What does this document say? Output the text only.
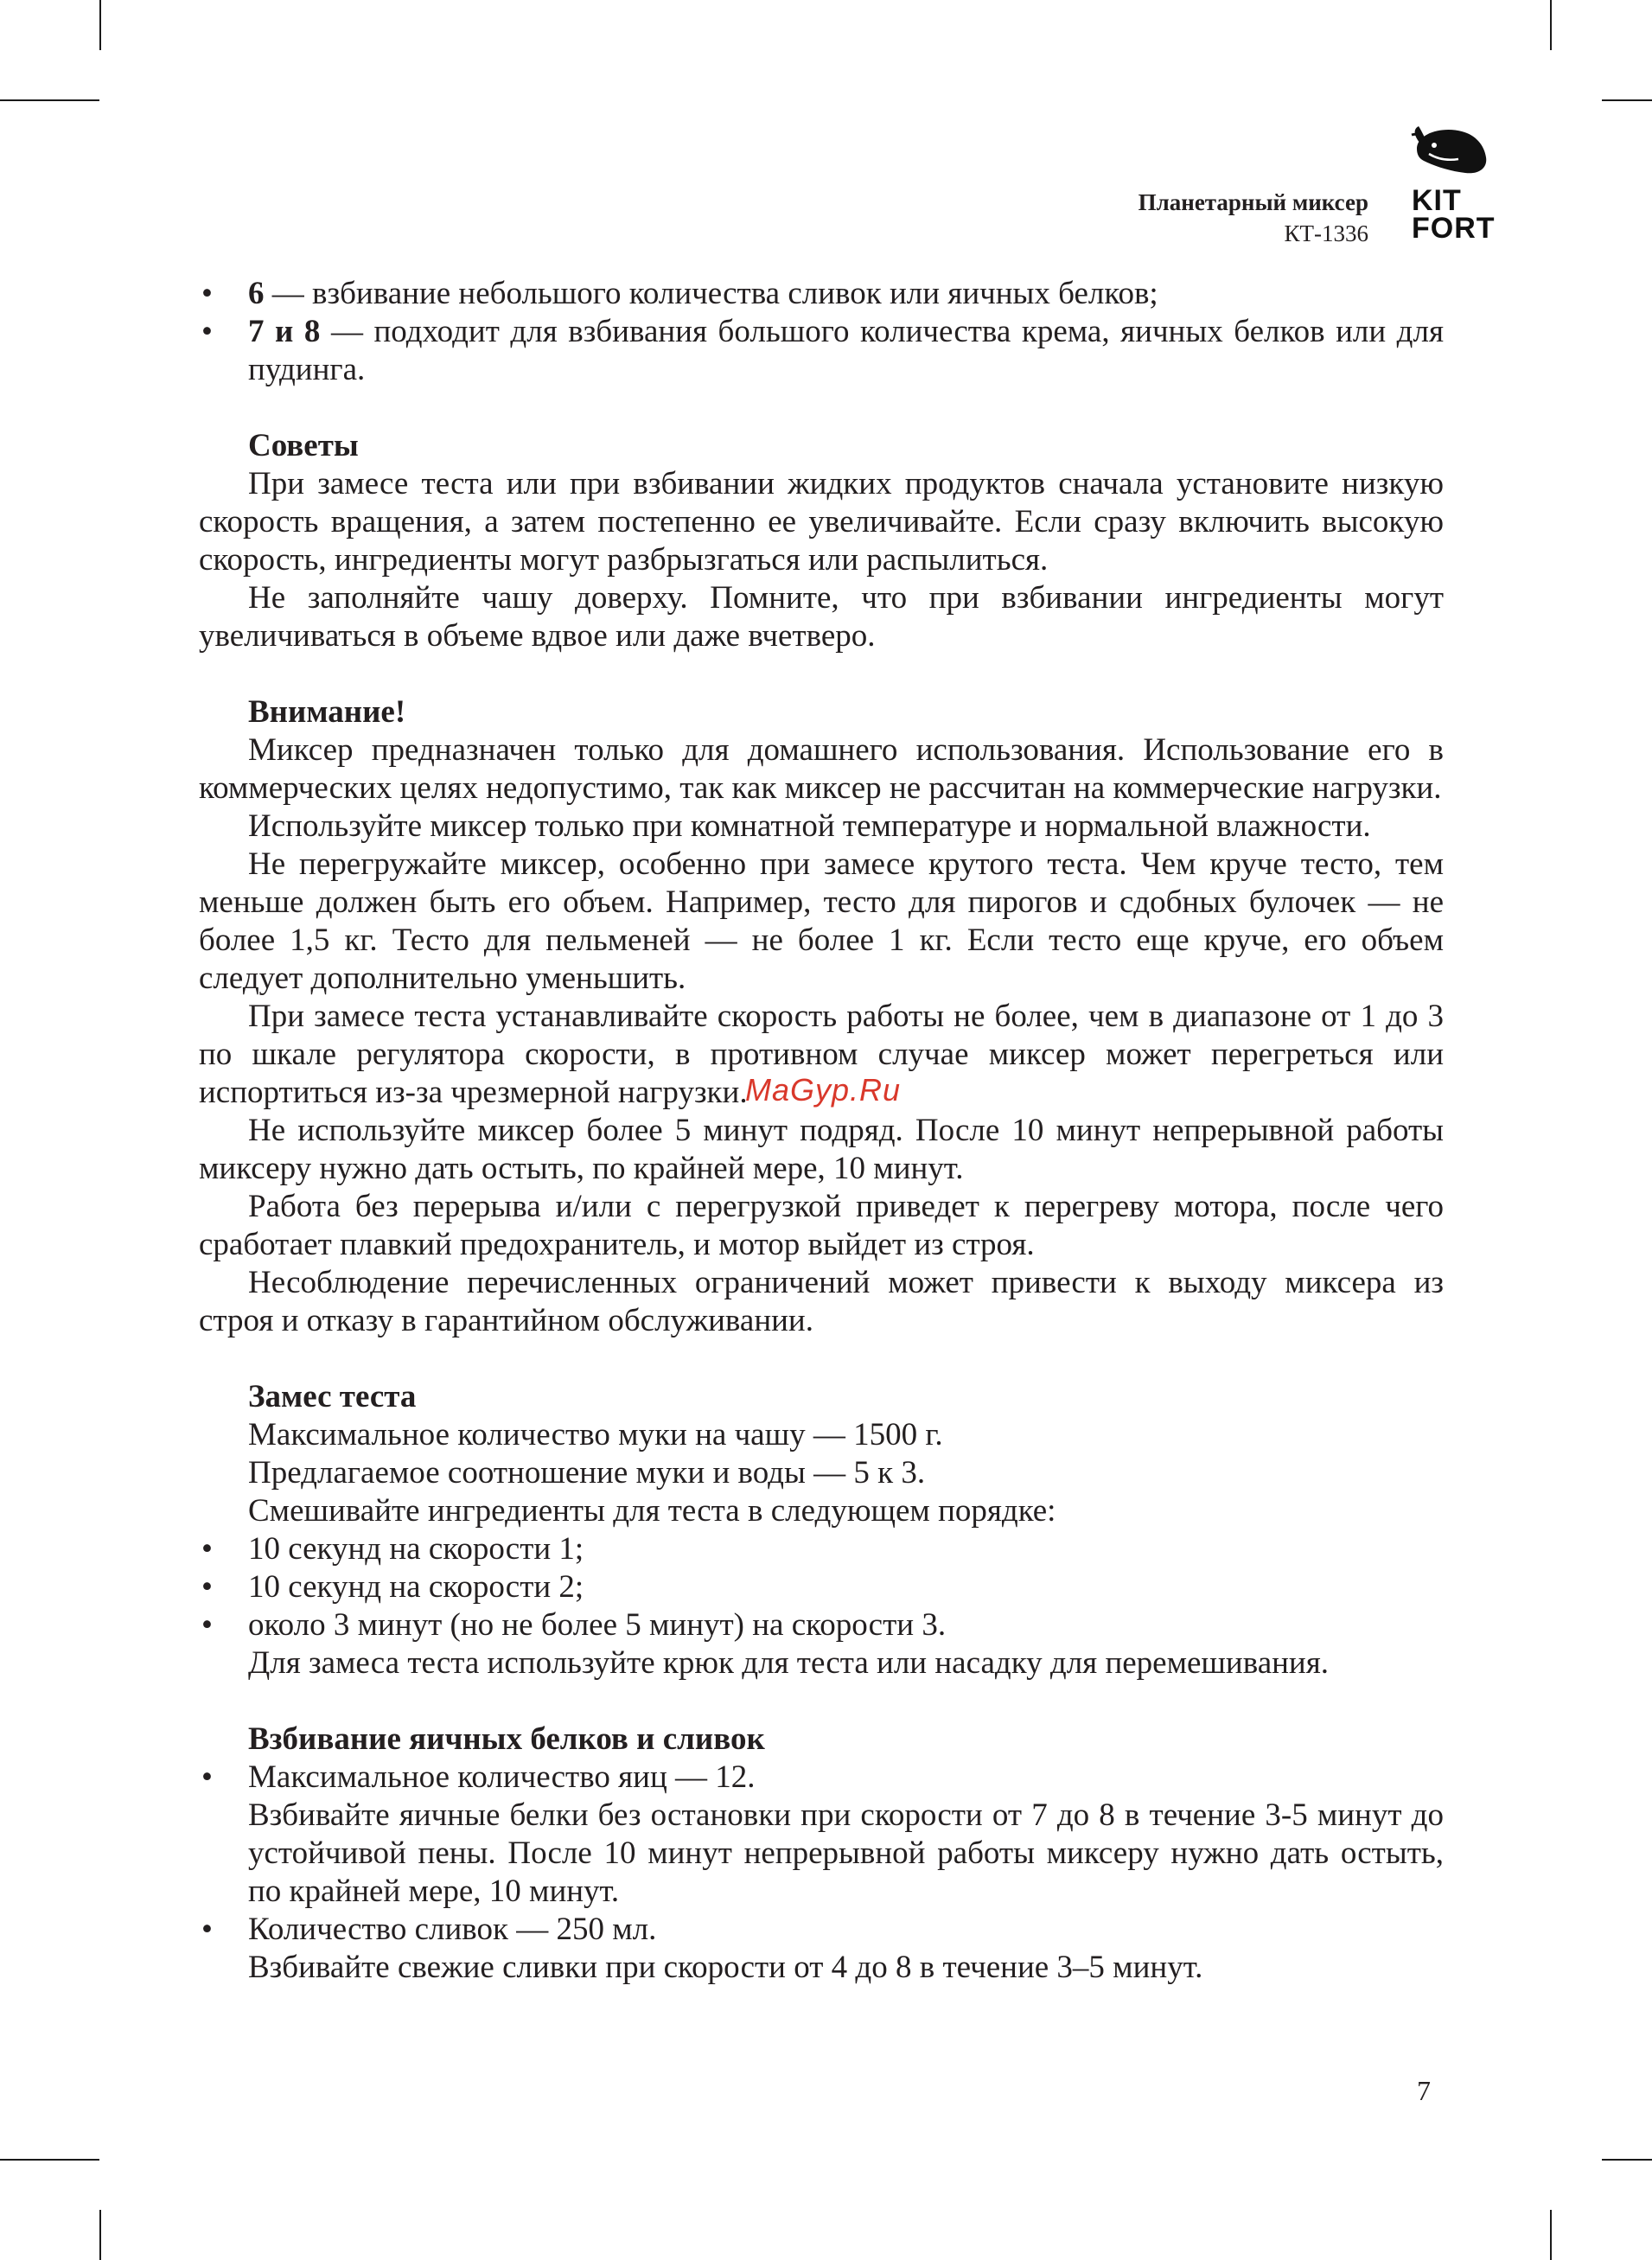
Планетарный миксер
КТ-1336
KIT
FORT
• 6 — взбивание небольшого количества сливок или яичных белков;
• 7 и 8 — подходит для взбивания большого количества крема, яичных белков или для пудинга.

Советы

При замесе теста или при взбивании жидких продуктов сначала установите низкую скорость вращения, а затем постепенно ее увеличивайте. Если сразу включить высокую скорость, ингредиенты могут разбрызгаться или распылиться.

Не заполняйте чашу доверху. Помните, что при взбивании ингредиенты могут увеличиваться в объеме вдвое или даже вчетверо.

Внимание!

Миксер предназначен только для домашнего использования. Использование его в коммерческих целях недопустимо, так как миксер не рассчитан на коммерческие нагрузки.

Используйте миксер только при комнатной температуре и нормальной влажности.

Не перегружайте миксер, особенно при замесе крутого теста. Чем круче тесто, тем меньше должен быть его объем. Например, тесто для пирогов и сдобных булочек — не более 1,5 кг. Тесто для пельменей — не более 1 кг. Если тесто еще круче, его объем следует дополнительно уменьшить.

При замесе теста устанавливайте скорость работы не более, чем в диапазоне от 1 до 3 по шкале регулятора скорости, в противном случае миксер может перегреться или испортиться из-за чрезмерной нагрузки.

Не используйте миксер более 5 минут подряд. После 10 минут непрерывной работы миксеру нужно дать остыть, по крайней мере, 10 минут.

Работа без перерыва и/или с перегрузкой приведет к перегреву мотора, после чего сработает плавкий предохранитель, и мотор выйдет из строя.

Несоблюдение перечисленных ограничений может привести к выходу миксера из строя и отказу в гарантийном обслуживании.

Замес теста

Максимальное количество муки на чашу — 1500 г.

Предлагаемое соотношение муки и воды — 5 к 3.

Смешивайте ингредиенты для теста в следующем порядке:

• 10 секунд на скорости 1;
• 10 секунд на скорости 2;
• около 3 минут (но не более 5 минут) на скорости 3.

Для замеса теста используйте крюк для теста или насадку для перемешивания.

Взбивание яичных белков и сливок

• Максимальное количество яиц — 12.

Взбивайте яичные белки без остановки при скорости от 7 до 8 в течение 3-5 минут до устойчивой пены. После 10 минут непрерывной работы миксеру нужно дать остыть, по крайней мере, 10 минут.

• Количество сливок — 250 мл.

Взбивайте свежие сливки при скорости от 4 до 8 в течение 3–5 минут.

MaGyp.Ru
7
